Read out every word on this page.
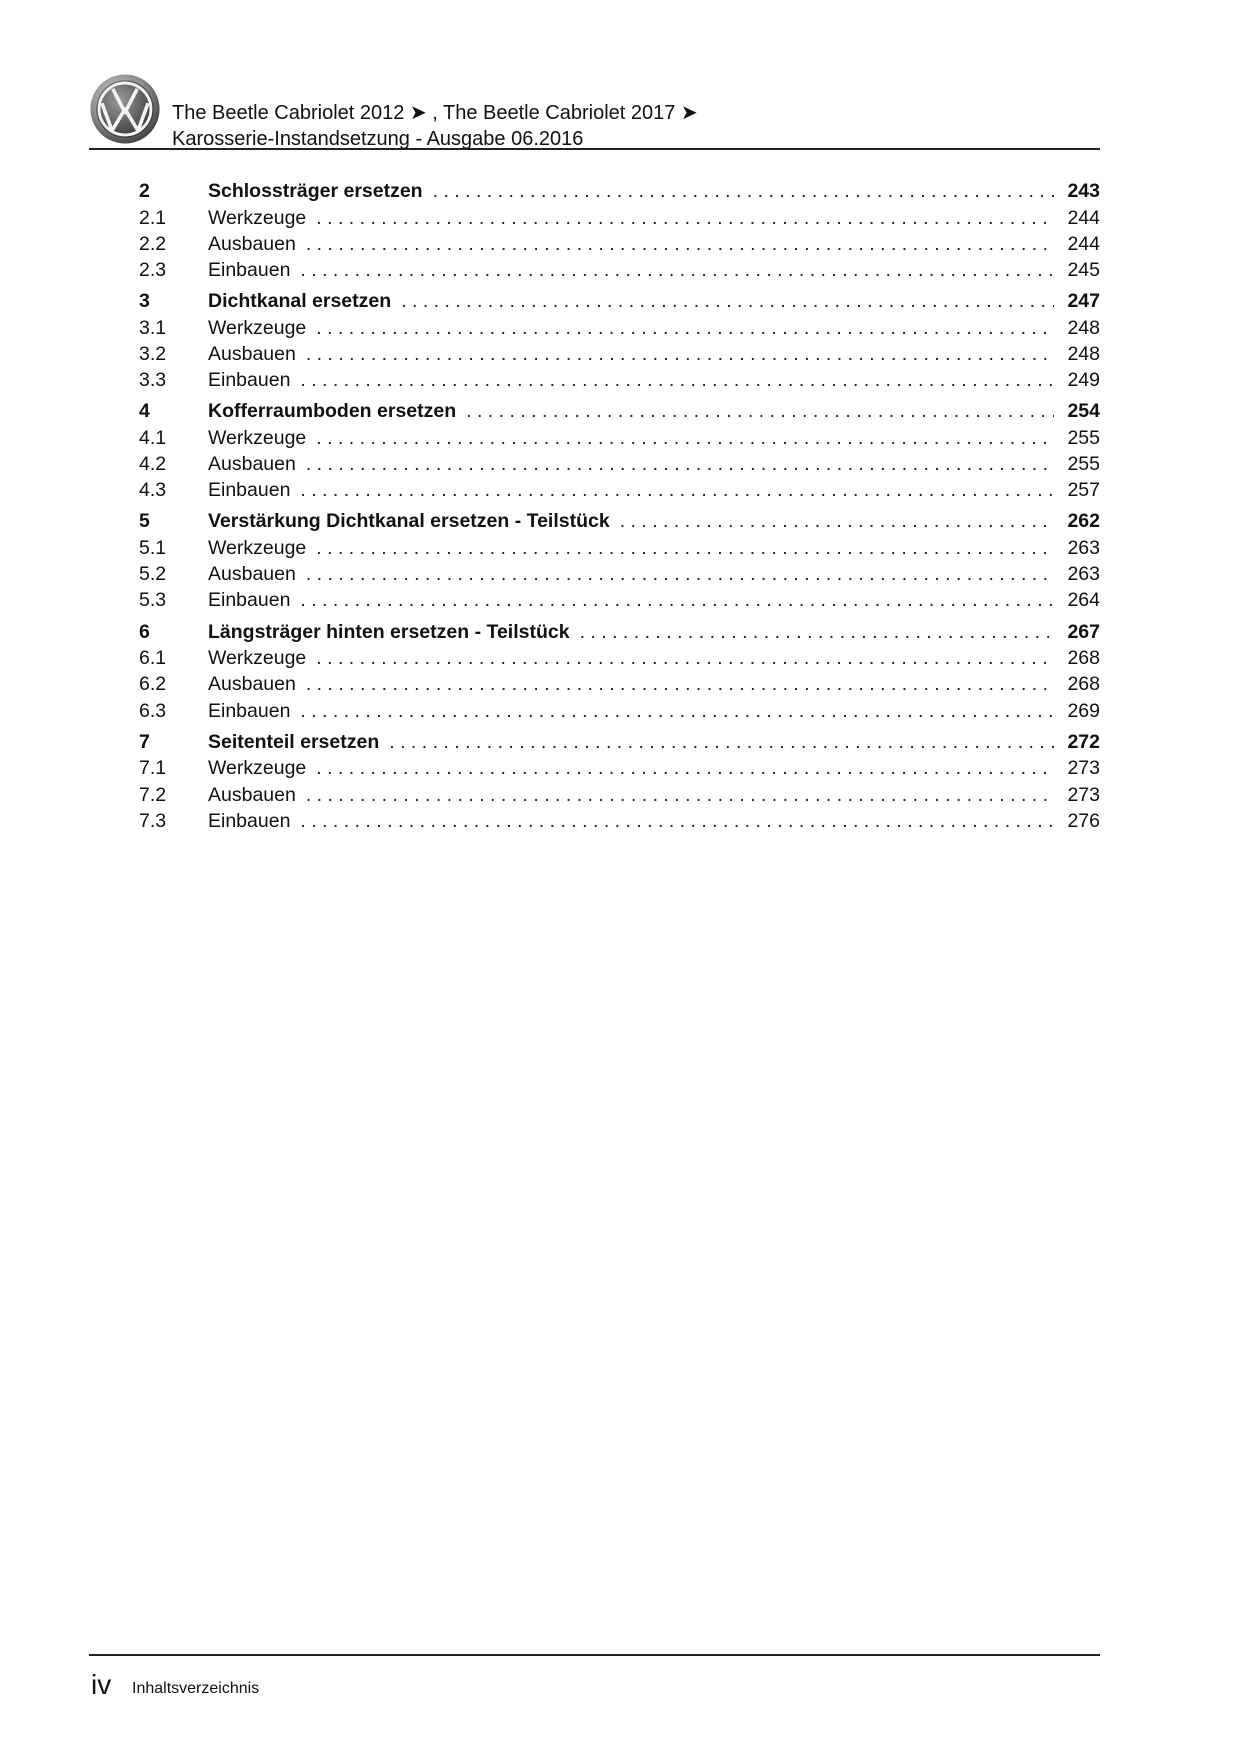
The Beetle Cabriolet 2012 ➤ , The Beetle Cabriolet 2017 ➤
Karosserie-Instandsetzung - Ausgabe 06.2016
2	Schlossträger ersetzen . . .	243
2.1	Werkzeuge . . .	244
2.2	Ausbauen . . .	244
2.3	Einbauen . . .	245
3	Dichtkanal ersetzen . . .	247
3.1	Werkzeuge . . .	248
3.2	Ausbauen . . .	248
3.3	Einbauen . . .	249
4	Kofferraumboden ersetzen . . .	254
4.1	Werkzeuge . . .	255
4.2	Ausbauen . . .	255
4.3	Einbauen . . .	257
5	Verstärkung Dichtkanal ersetzen - Teilstück . . .	262
5.1	Werkzeuge . . .	263
5.2	Ausbauen . . .	263
5.3	Einbauen . . .	264
6	Längsträger hinten ersetzen - Teilstück . . .	267
6.1	Werkzeuge . . .	268
6.2	Ausbauen . . .	268
6.3	Einbauen . . .	269
7	Seitenteil ersetzen . . .	272
7.1	Werkzeuge . . .	273
7.2	Ausbauen . . .	273
7.3	Einbauen . . .	276
iv Inhaltsverzeichnis
